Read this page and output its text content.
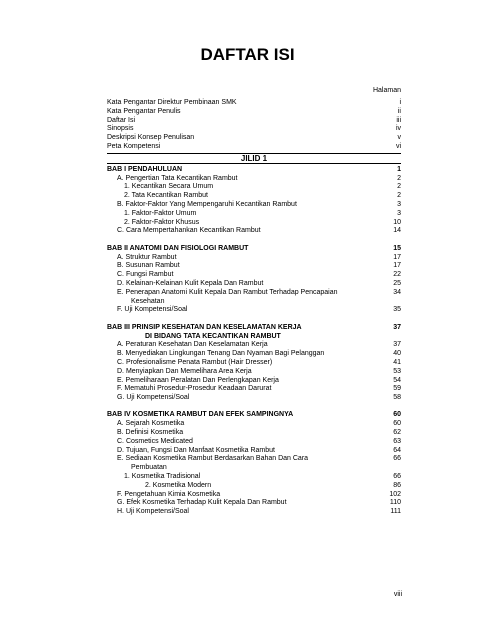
DAFTAR ISI
Halaman
Kata Pengantar Direktur Pembinaan SMK	i
Kata Pengantar Penulis	ii
Daftar Isi	iii
Sinopsis	iv
Deskripsi Konsep Penulisan	v
Peta Kompetensi	vi
JILID 1
BAB I PENDAHULUAN	1
A. Pengertian Tata Kecantikan Rambut	2
1. Kecantikan Secara Umum	2
2. Tata Kecantikan Rambut	2
B. Faktor-Faktor Yang Mempengaruhi Kecantikan Rambut	3
1. Faktor-Faktor Umum	3
2. Faktor-Faktor Khusus	10
C. Cara Mempertahankan Kecantikan Rambut	14
BAB II ANATOMI DAN FISIOLOGI RAMBUT	15
A. Struktur Rambut	17
B. Susunan Rambut	17
C. Fungsi Rambut	22
D. Kelainan-Kelainan Kulit Kepala Dan Rambut	25
E. Penerapan Anatomi Kulit Kepala Dan Rambut Terhadap Pencapaian	34
Kesehatan
F. Uji Kompetensi/Soal	35
BAB III PRINSIP KESEHATAN DAN KESELAMATAN KERJA	37
DI BIDANG TATA KECANTIKAN RAMBUT
A. Peraturan Kesehatan Dan Keselamatan Kerja	37
B. Menyediakan Lingkungan Tenang Dan Nyaman Bagi Pelanggan	40
C. Profesionalisme Penata Rambut (Hair Dresser)	41
D. Menyiapkan Dan Memelihara Area Kerja	53
E. Pemeliharaan Peralatan Dan Perlengkapan Kerja	54
F. Mematuhi Prosedur-Prosedur Keadaan Darurat	59
G. Uji Kompetensi/Soal	58
BAB IV KOSMETIKA RAMBUT DAN EFEK SAMPINGNYA	60
A. Sejarah Kosmetika	60
B. Definisi Kosmetika	62
C. Cosmetics Medicated	63
D. Tujuan, Fungsi Dan Manfaat Kosmetika Rambut	64
E. Sediaan Kosmetika Rambut Berdasarkan Bahan Dan Cara	66
Pembuatan
1. Kosmetika Tradisional	66
2. Kosmetika Modern	86
F. Pengetahuan Kimia Kosmetika	102
G. Efek Kosmetika Terhadap Kulit Kepala Dan Rambut	110
H. Uji Kompetensi/Soal	111
viii
